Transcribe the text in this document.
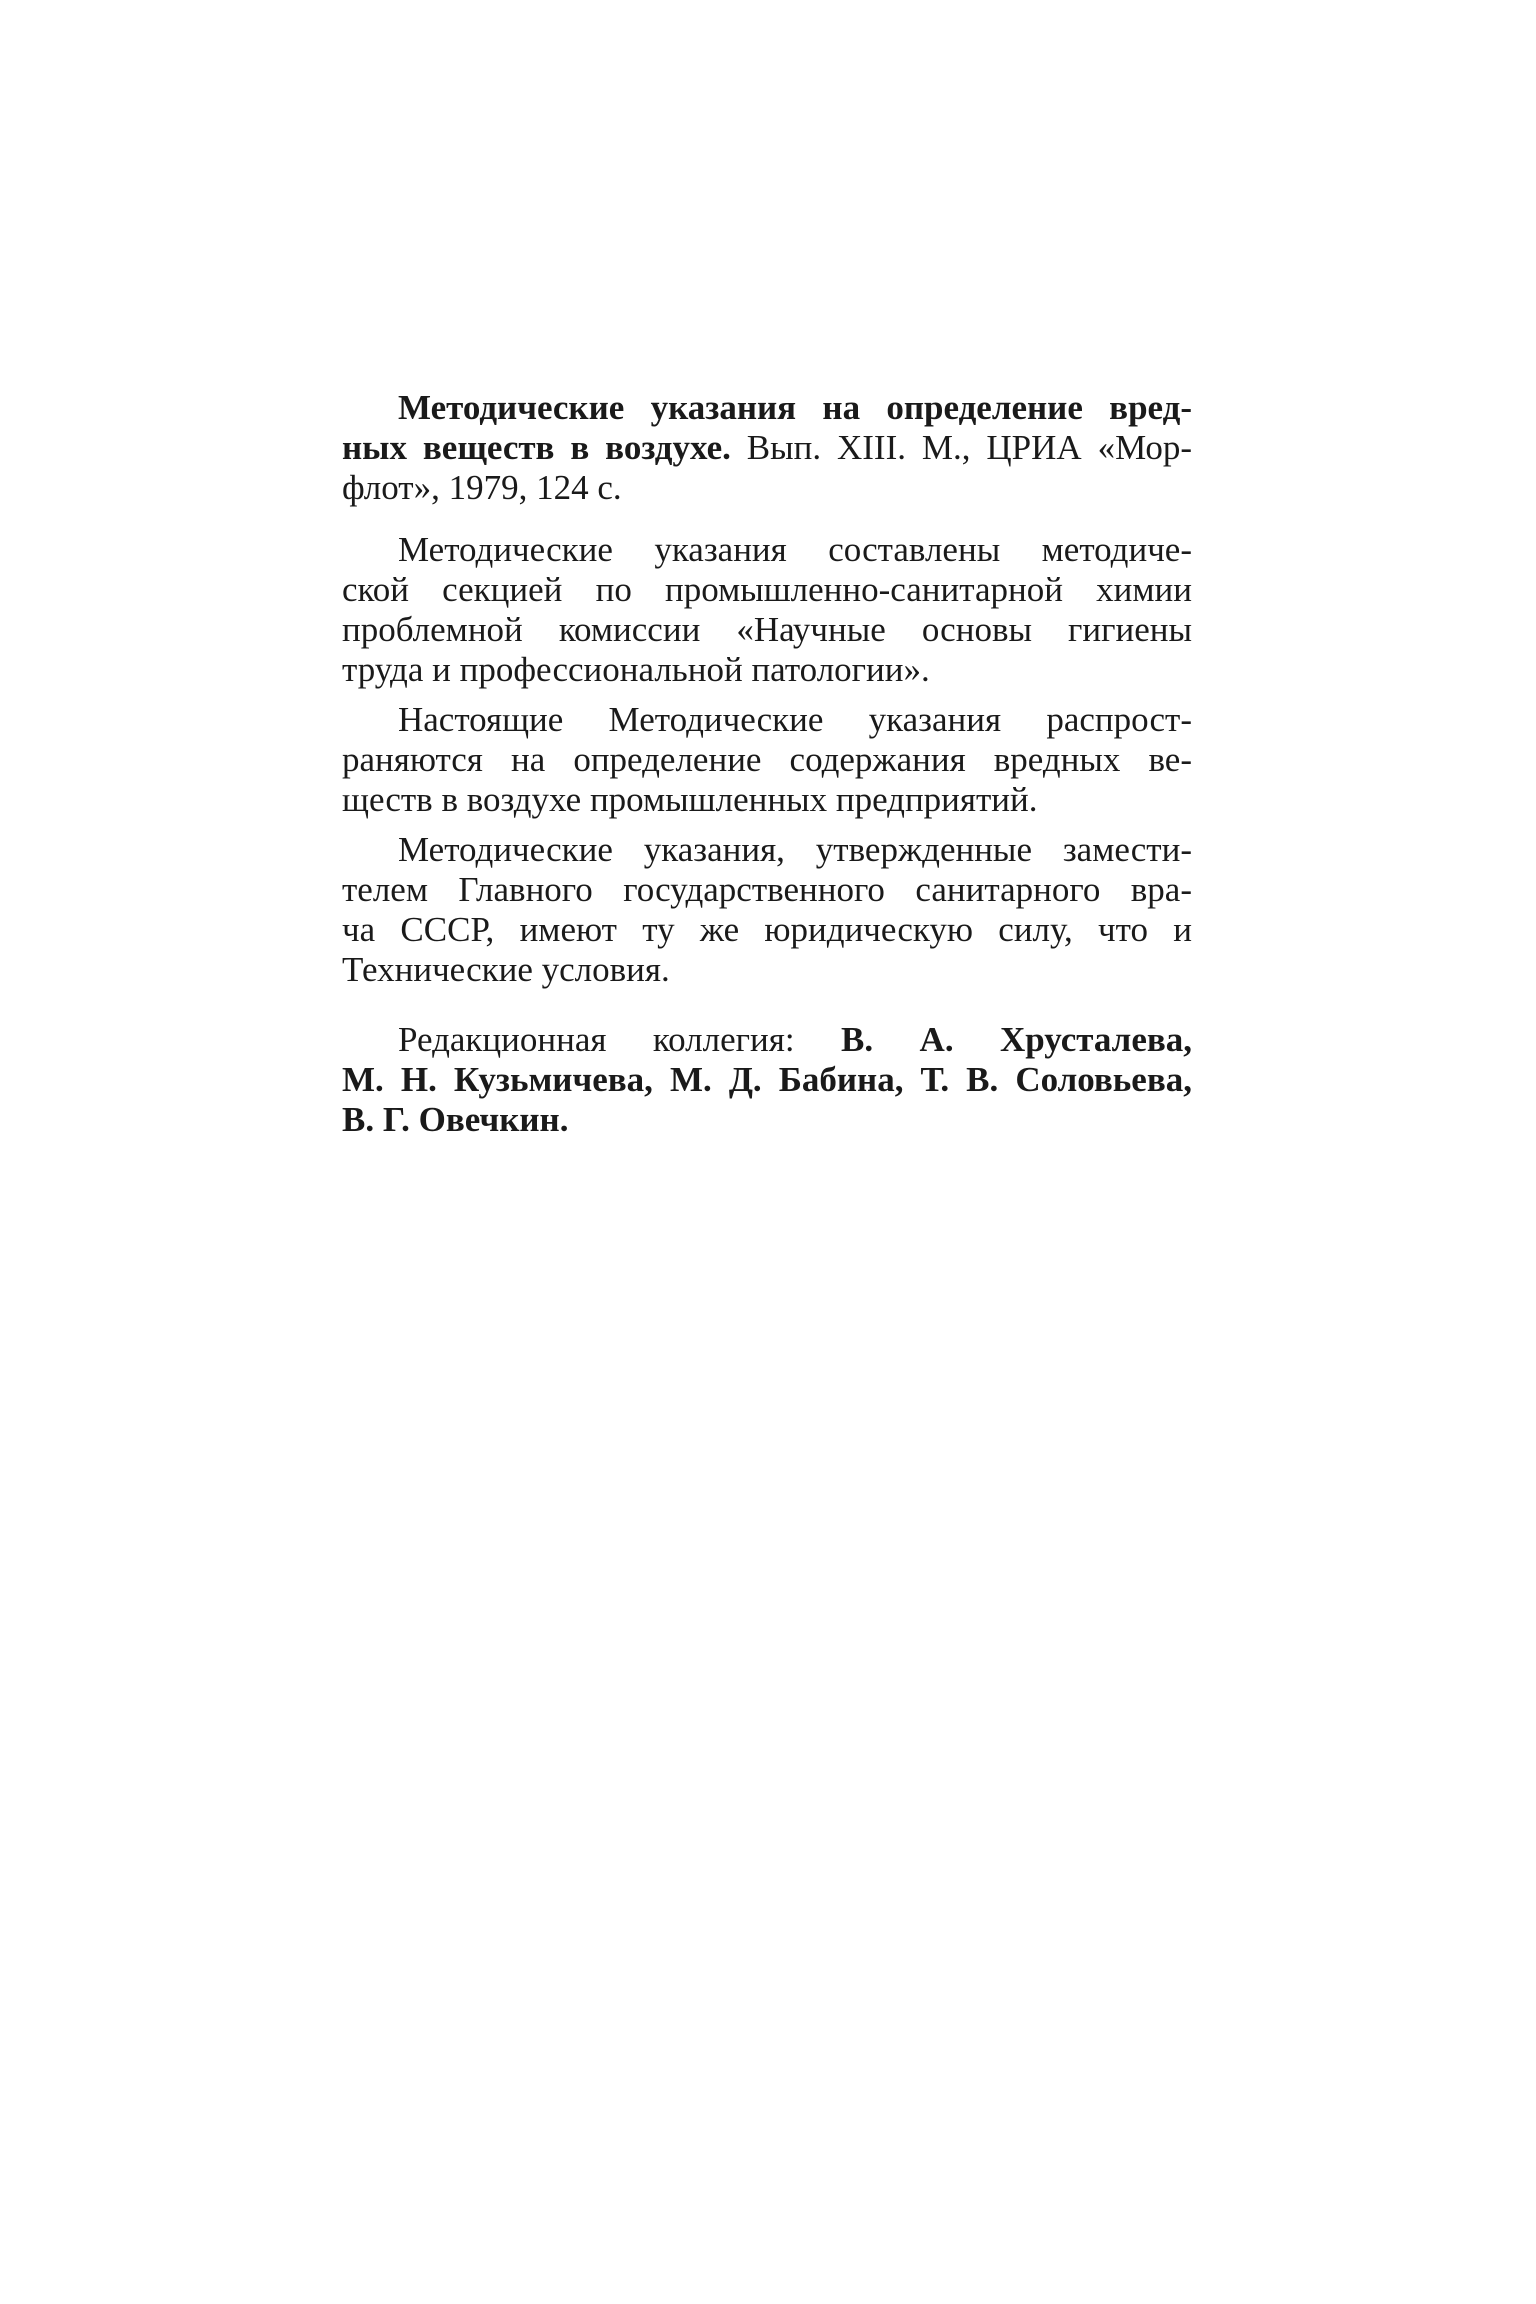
Методические указания на определение вред-
ных веществ в воздухе. Вып. XIII. М., ЦРИА «Мор-
флот», 1979, 124 с.
Методические указания составлены методиче-
ской секцией по промышленно-санитарной химии
проблемной комиссии «Научные основы гигиены
труда и профессиональной патологии».
Настоящие Методические указания распрост-
раняются на определение содержания вредных ве-
ществ в воздухе промышленных предприятий.
Методические указания, утвержденные замести-
телем Главного государственного санитарного вра-
ча СССР, имеют ту же юридическую силу, что и
Технические условия.
Редакционная коллегия: В. А. Хрусталева,
М. Н. Кузьмичева, М. Д. Бабина, Т. В. Соловьева,
В. Г. Овечкин.
